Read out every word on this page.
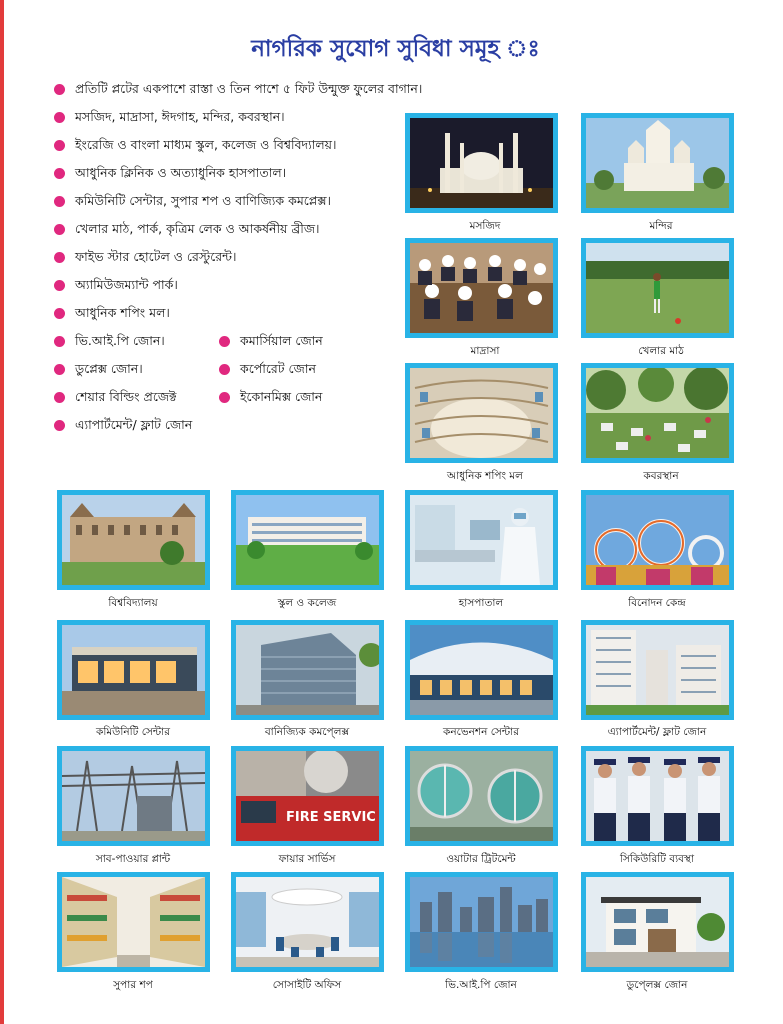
নাগরিক সুযোগ সুবিধা সমূহ ঃ
প্রতিটি প্লটের একপাশে রাস্তা ও তিন পাশে ৫ ফিট উন্মুক্ত ফুলের বাগান।
মসজিদ, মাদ্রাসা, ঈদগাহ, মন্দির, কবরস্থান।
ইংরেজি ও বাংলা মাধ্যম স্কুল, কলেজ ও বিশ্ববিদ্যালয়।
আধুনিক ক্লিনিক ও অত্যাধুনিক হাসপাতাল।
কমিউনিটি সেন্টার, সুপার শপ ও বাণিজ্যিক কমপ্লেক্স।
খেলার মাঠ, পার্ক, কৃত্রিম লেক ও আকর্ষনীয় ব্রীজ।
ফাইভ স্টার হোটেল ও রেস্টুরেন্ট।
অ্যামিউজম্যান্ট পার্ক।
আধুনিক শপিং মল।
ভি.আই.পি জোন।
ডুপ্লেক্স জোন।
শেয়ার বিল্ডিং প্রজেক্ট
এ্যাপার্টমেন্ট/ ফ্লাট জোন
কমার্সিয়াল জোন
কর্পোরেট জোন
ইকোনমিক্স জোন
মসজিদ	মন্দির
মাদ্রাসা	খেলার মাঠ
আধুনিক শপিং মল	কবরস্থান
বিশ্ববিদ্যালয়	স্কুল ও কলেজ	হাসপাতাল	বিনোদন কেন্দ্র
কমিউনিটি সেন্টার	বানিজ্যিক কমপে্লক্স	কনভেনশন সেন্টার	এ্যাপার্টমেন্ট/ ফ্লাট জোন
সাব-পাওয়ার প্লান্ট
FIRE SERVIC
ফায়ার সার্ভিস	ওয়াটার ট্রিটমেন্ট	সিকিউরিটি ব্যবস্থা
সুপার শপ	সোসাইটি অফিস	ভি.আই.পি জোন	ডুপে্লক্স জোন
